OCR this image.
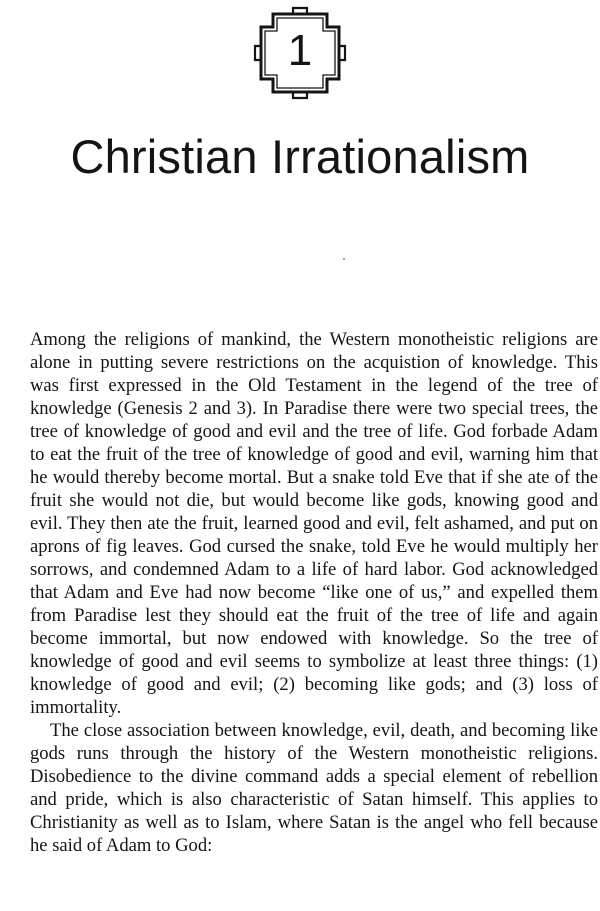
1
Christian Irrationalism

Among the religions of mankind, the Western monotheistic religions are alone in putting severe restrictions on the acquistion of knowledge. This was first expressed in the Old Testament in the legend of the tree of knowledge (Genesis 2 and 3). In Paradise there were two special trees, the tree of knowledge of good and evil and the tree of life. God forbade Adam to eat the fruit of the tree of knowledge of good and evil, warning him that he would thereby become mortal. But a snake told Eve that if she ate of the fruit she would not die, but would become like gods, knowing good and evil. They then ate the fruit, learned good and evil, felt ashamed, and put on aprons of fig leaves. God cursed the snake, told Eve he would multiply her sorrows, and condemned Adam to a life of hard labor. God acknowledged that Adam and Eve had now become “like one of us,” and expelled them from Paradise lest they should eat the fruit of the tree of life and again become immortal, but now endowed with knowledge. So the tree of knowledge of good and evil seems to symbolize at least three things: (1) knowledge of good and evil; (2) becoming like gods; and (3) loss of immortality.

The close association between knowledge, evil, death, and becoming like gods runs through the history of the Western monotheistic religions. Disobedience to the divine command adds a special element of rebellion and pride, which is also characteristic of Satan himself. This applies to Christianity as well as to Islam, where Satan is the angel who fell because he said of Adam to God:
